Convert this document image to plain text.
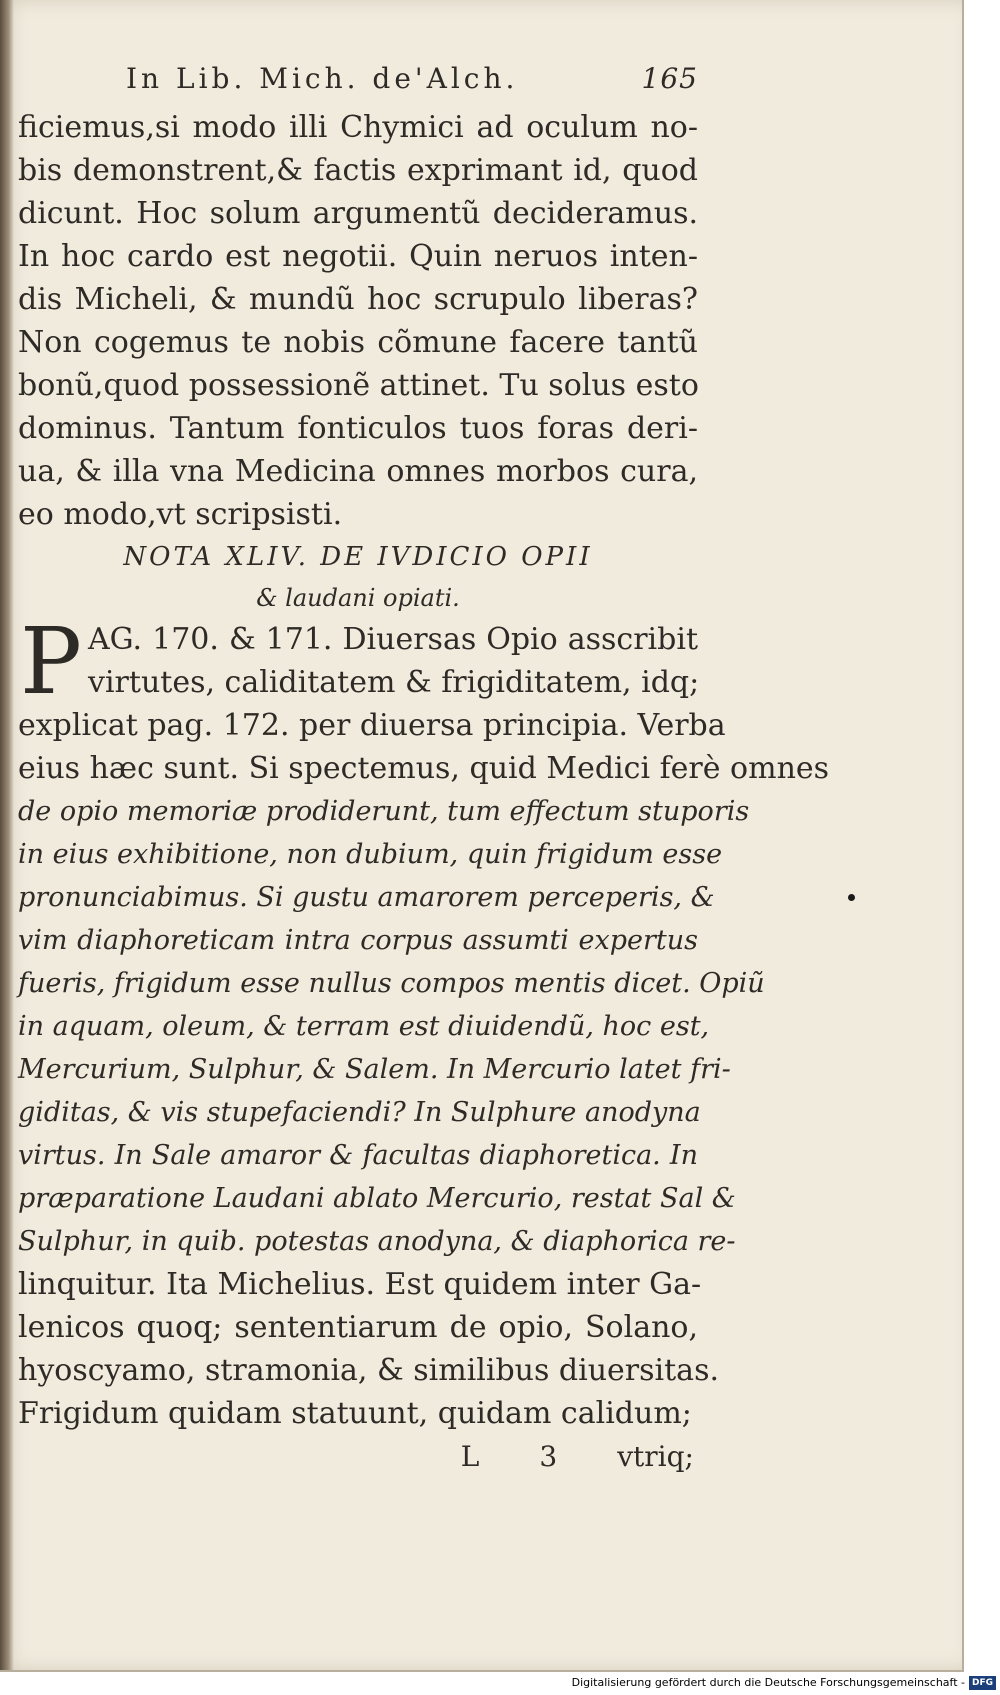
In Lib. Mich. de'Alch.	165
ficiemus,si modo illi Chymici ad oculum no-
bis demonstrent,& factis exprimant id, quod
dicunt. Hoc solum argumentũ decideramus.
In hoc cardo est negotii. Quin neruos inten-
dis Micheli, & mundũ hoc scrupulo liberas?
Non cogemus te nobis cõmune facere tantũ
bonũ,quod possessionẽ attinet. Tu solus esto
dominus. Tantum fonticulos tuos foras deri-
ua, & illa vna Medicina omnes morbos cura,
eo modo,vt scripsisti.
NOTA XLIV. DE IVDICIO OPII
& laudani opiati.
P AG. 170. & 171. Diuersas Opio asscribit
virtutes, caliditatem & frigiditatem, idq;
explicat pag. 172. per diuersa principia. Verba
eius hæc sunt. Si spectemus, quid Medici ferè omnes
de opio memoriæ prodiderunt, tum effectum stuporis
in eius exhibitione, non dubium, quin frigidum esse
pronunciabimus. Si gustu amarorem perceperis, &
vim diaphoreticam intra corpus assumti expertus
fueris, frigidum esse nullus compos mentis dicet. Opiũ
in aquam, oleum, & terram est diuidendũ, hoc est,
Mercurium, Sulphur, & Salem. In Mercurio latet fri-
giditas, & vis stupefaciendi? In Sulphure anodyna
virtus. In Sale amaror & facultas diaphoretica. In
præparatione Laudani ablato Mercurio, restat Sal &
Sulphur, in quib. potestas anodyna, & diaphorica re-
linquitur. Ita Michelius. Est quidem inter Ga-
lenicos quoq; sententiarum de opio, Solano,
hyoscyamo, stramonia, & similibus diuersitas.
Frigidum quidam statuunt, quidam calidum;
L 3 vtriq;
Digitalisierung gefördert durch die Deutsche Forschungsgemeinschaft - DFG
